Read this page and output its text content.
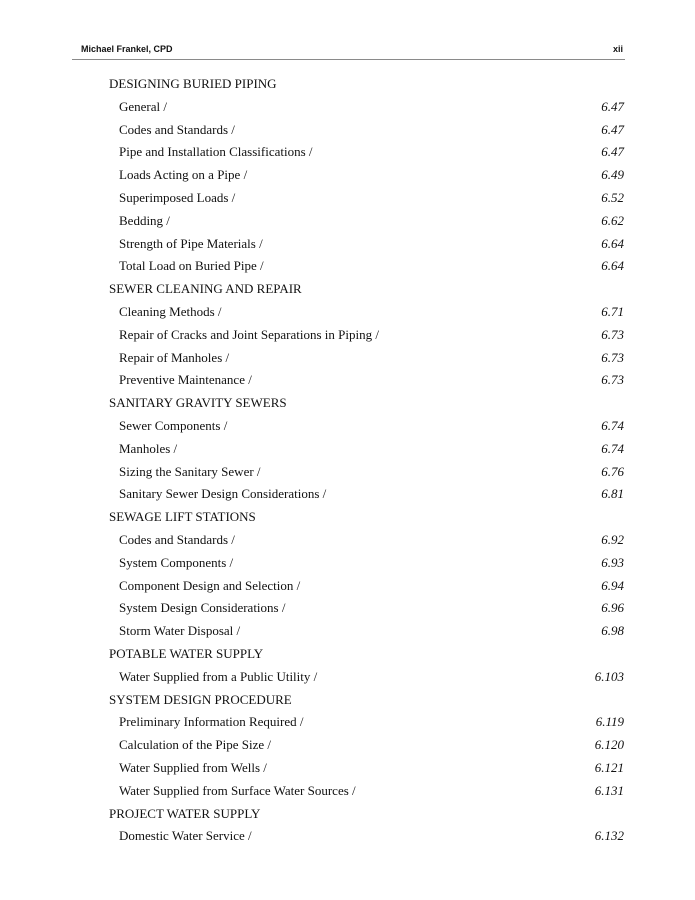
Michael Frankel, CPD	xii
DESIGNING BURIED PIPING
General /	6.47
Codes and Standards /	6.47
Pipe and Installation Classifications /	6.47
Loads Acting on a Pipe /	6.49
Superimposed Loads /	6.52
Bedding /	6.62
Strength of Pipe Materials /	6.64
Total Load on Buried Pipe /	6.64
SEWER CLEANING AND REPAIR
Cleaning Methods /	6.71
Repair of Cracks and Joint Separations in Piping /	6.73
Repair of Manholes /	6.73
Preventive Maintenance /	6.73
SANITARY GRAVITY SEWERS
Sewer Components /	6.74
Manholes /	6.74
Sizing the Sanitary Sewer /	6.76
Sanitary Sewer Design Considerations /	6.81
SEWAGE LIFT STATIONS
Codes and Standards /	6.92
System Components /	6.93
Component Design and Selection /	6.94
System Design Considerations /	6.96
Storm Water Disposal /	6.98
POTABLE WATER SUPPLY
Water Supplied from a Public Utility /	6.103
SYSTEM DESIGN PROCEDURE
Preliminary Information Required /	6.119
Calculation of the Pipe Size /	6.120
Water Supplied from Wells /	6.121
Water Supplied from Surface Water Sources /	6.131
PROJECT WATER SUPPLY
Domestic Water Service /	6.132
